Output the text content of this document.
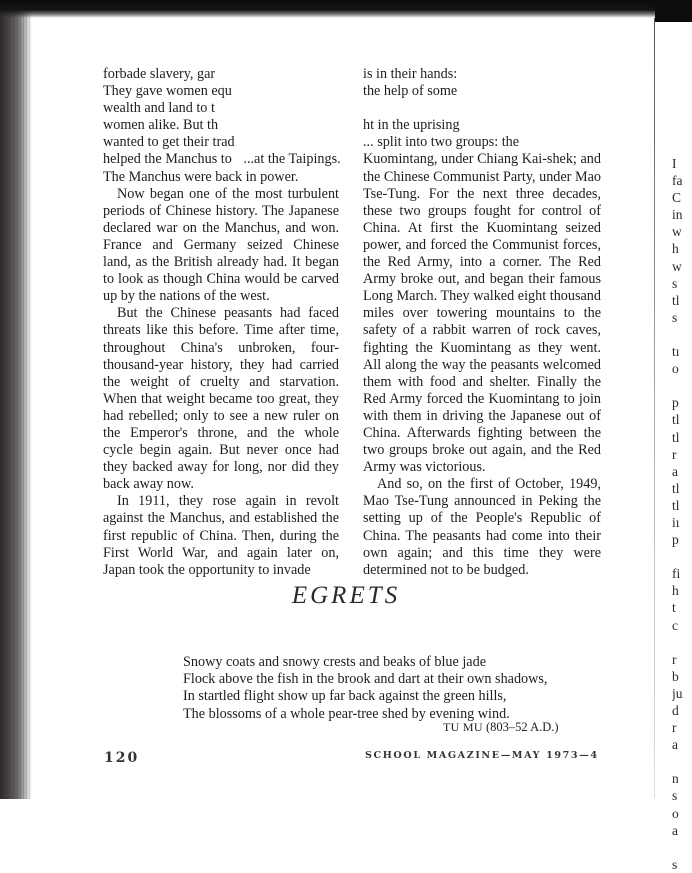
forbade slavery, gar
They gave women equ
wealth and land to t
women alike. But th
wanted to get their trad
helped the Manchus to ...at the Taipings.
The Manchus were back in power.

Now began one of the most turbulent periods of Chinese history. The Japanese declared war on the Manchus, and won. France and Germany seized Chinese land, as the British already had. It began to look as though China would be carved up by the nations of the west.

But the Chinese peasants had faced threats like this before. Time after time, throughout China's unbroken, four-thousand-year history, they had carried the weight of cruelty and starvation. When that weight became too great, they had rebelled; only to see a new ruler on the Emperor's throne, and the whole cycle begin again. But never once had they backed away for long, nor did they back away now.

In 1911, they rose again in revolt against the Manchus, and established the first republic of China. Then, during the First World War, and again later on, Japan took the opportunity to invade

is in their hands:
the help of some
ht in the uprising
... split into two groups: the

Kuomintang, under Chiang Kai-shek; and the Chinese Communist Party, under Mao Tse-Tung. For the next three decades, these two groups fought for control of China. At first the Kuomintang seized power, and forced the Communist forces, the Red Army, into a corner. The Red Army broke out, and began their famous Long March. They walked eight thousand miles over towering mountains to the safety of a rabbit warren of rock caves, fighting the Kuomintang as they went. All along the way the peasants welcomed them with food and shelter. Finally the Red Army forced the Kuomintang to join with them in driving the Japanese out of China. Afterwards fighting between the two groups broke out again, and the Red Army was victorious.

And so, on the first of October, 1949, Mao Tse-Tung announced in Peking the setting up of the People's Republic of China. The peasants had come into their own again; and this time they were determined not to be budged.

EGRETS
Snowy coats and snowy crests and beaks of blue jade
Flock above the fish in the brook and dart at their own shadows,
In startled flight show up far back against the green hills,
The blossoms of a whole pear-tree shed by evening wind.
TU MU (803–52 A.D.)
120	SCHOOL MAGAZINE—MAY 1973—4
I
fa
C
in
w
h
w
s
tl
s
tı
o
p
tl
tl
r
a
tl
tl
iı
p
fi
h
t
c
r
b
ju
d
r
a
n
s
o
a
s
